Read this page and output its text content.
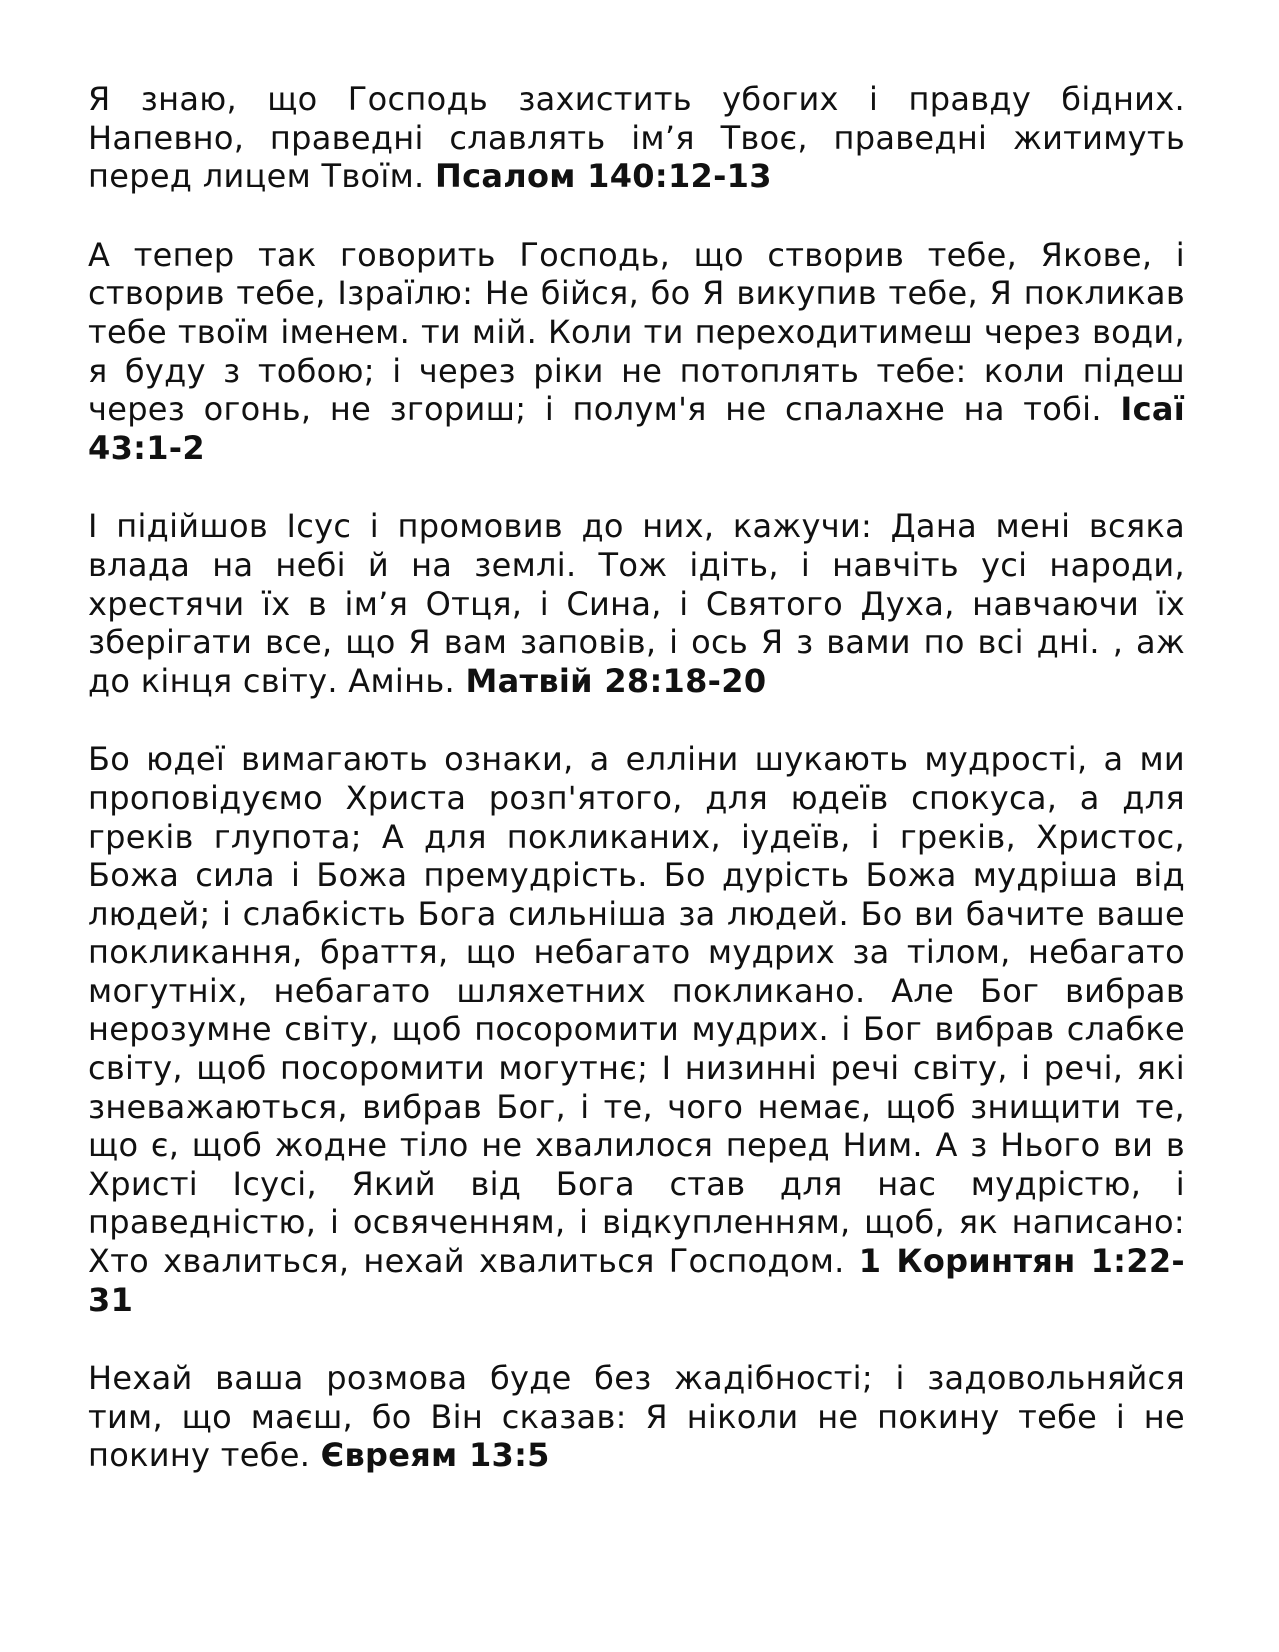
Я знаю, що Господь захистить убогих і правду бідних. Напевно, праведні славлять ім’я Твоє, праведні житимуть перед лицем Твоїм. Псалом 140:12-13

А тепер так говорить Господь, що створив тебе, Якове, і створив тебе, Ізраїлю: Не бійся, бо Я викупив тебе, Я покликав тебе твоїм іменем. ти мій. Коли ти переходитимеш через води, я буду з тобою; і через ріки не потоплять тебе: коли підеш через огонь, не згориш; і полум'я не спалахне на тобі. Ісаї 43:1-2

І підійшов Ісус і промовив до них, кажучи: Дана мені всяка влада на небі й на землі. Тож ідіть, і навчіть усі народи, хрестячи їх в ім’я Отця, і Сина, і Святого Духа, навчаючи їх зберігати все, що Я вам заповів, і ось Я з вами по всі дні. , аж до кінця світу. Амінь. Матвій 28:18-20

Бо юдеї вимагають ознаки, а елліни шукають мудрості, а ми проповідуємо Христа розп'ятого, для юдеїв спокуса, а для греків глупота; А для покликаних, іудеїв, і греків, Христос, Божа сила і Божа премудрість. Бо дурість Божа мудріша від людей; і слабкість Бога сильніша за людей. Бо ви бачите ваше покликання, браття, що небагато мудрих за тілом, небагато могутніх, небагато шляхетних покликано. Але Бог вибрав нерозумне світу, щоб посоромити мудрих. і Бог вибрав слабке світу, щоб посоромити могутнє; І низинні речі світу, і речі, які зневажаються, вибрав Бог, і те, чого немає, щоб знищити те, що є, щоб жодне тіло не хвалилося перед Ним. А з Нього ви в Христі Ісусі, Який від Бога став для нас мудрістю, і праведністю, і освяченням, і відкупленням, щоб, як написано: Хто хвалиться, нехай хвалиться Господом. 1 Коринтян 1:22-31

Нехай ваша розмова буде без жадібності; і задовольняйся тим, що маєш, бо Він сказав: Я ніколи не покину тебе і не покину тебе. Євреям 13:5
